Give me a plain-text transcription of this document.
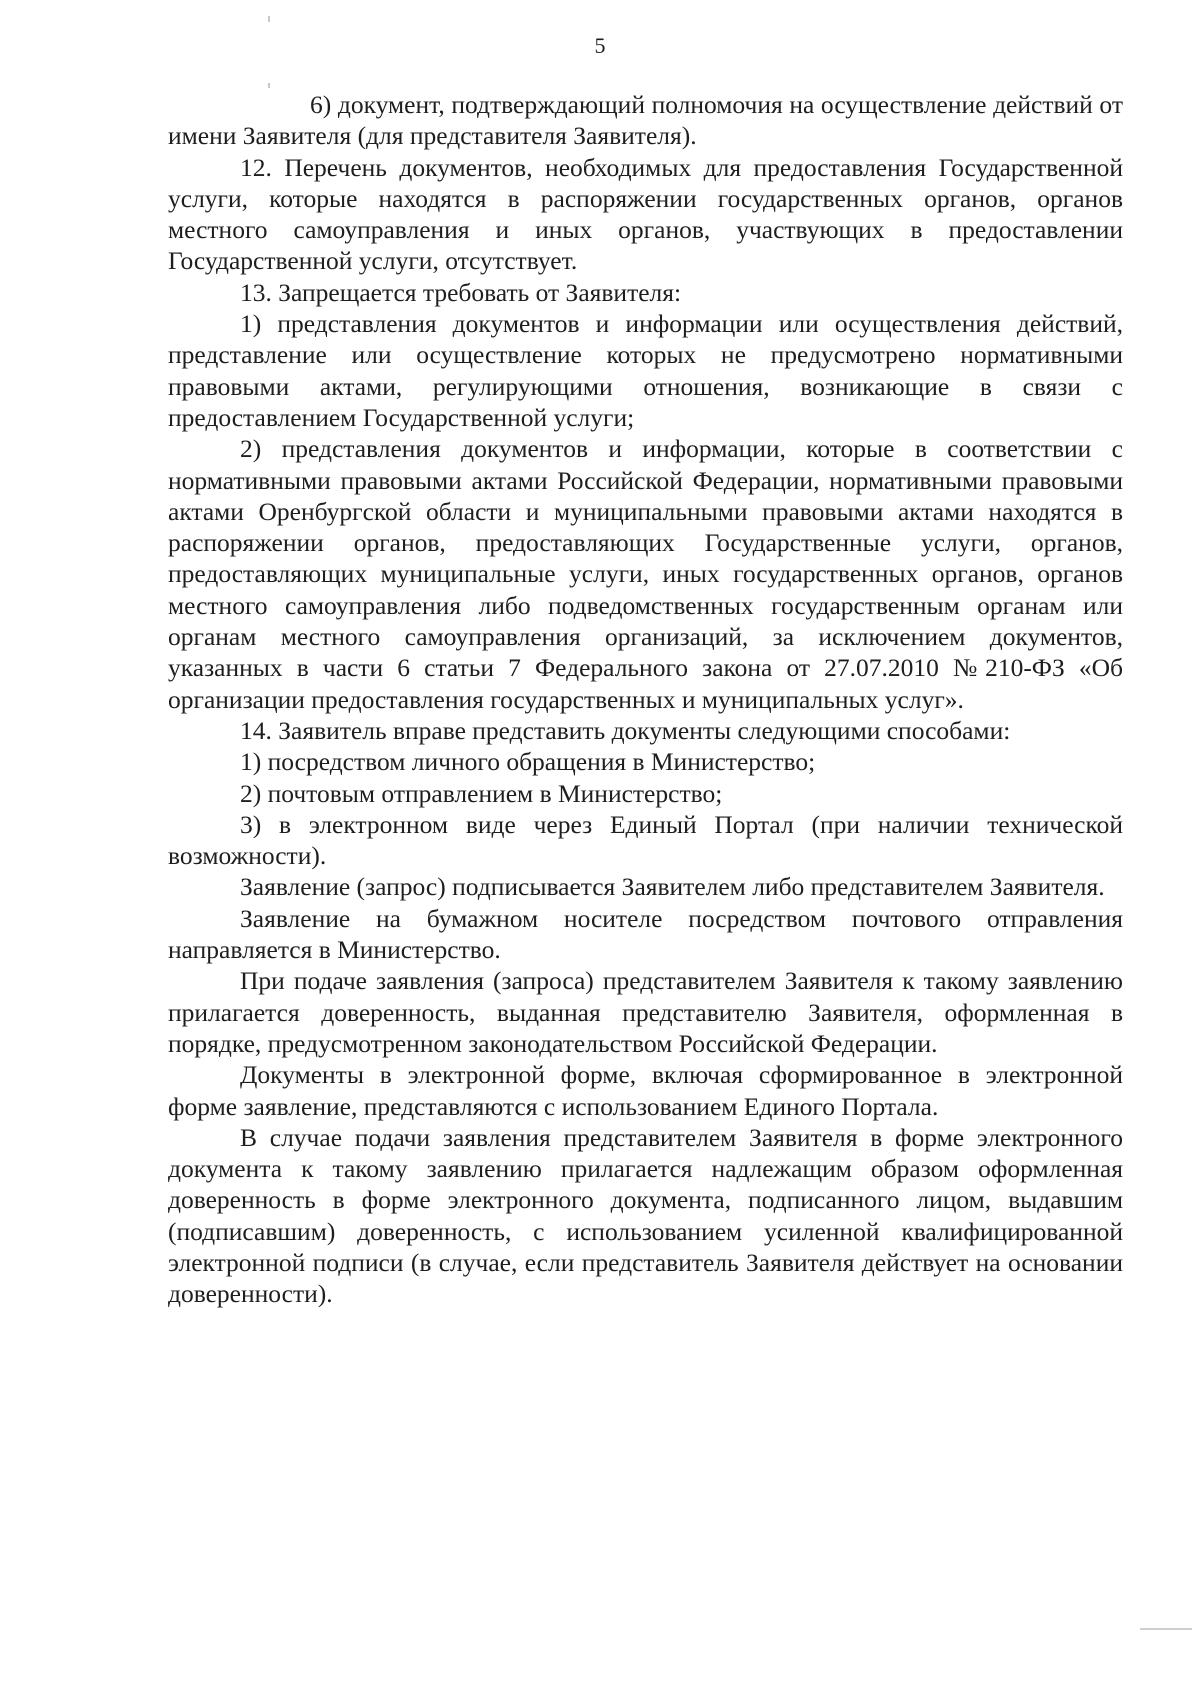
5

6) документ, подтверждающий полномочия на осуществление действий от имени Заявителя (для представителя Заявителя).

12. Перечень документов, необходимых для предоставления Государственной услуги, которые находятся в распоряжении государственных органов, органов местного самоуправления и иных органов, участвующих в предоставлении Государственной услуги, отсутствует.

13. Запрещается требовать от Заявителя:

1) представления документов и информации или осуществления действий, представление или осуществление которых не предусмотрено нормативными правовыми актами, регулирующими отношения, возникающие в связи с предоставлением Государственной услуги;

2) представления документов и информации, которые в соответствии с нормативными правовыми актами Российской Федерации, нормативными правовыми актами Оренбургской области и муниципальными правовыми актами находятся в распоряжении органов, предоставляющих Государственные услуги, органов, предоставляющих муниципальные услуги, иных государственных органов, органов местного самоуправления либо подведомственных государственным органам или органам местного самоуправления организаций, за исключением документов, указанных в части 6 статьи 7 Федерального закона от 27.07.2010 №210-ФЗ «Об организации предоставления государственных и муниципальных услуг».

14. Заявитель вправе представить документы следующими способами:

1) посредством личного обращения в Министерство;

2) почтовым отправлением в Министерство;

3) в электронном виде через Единый Портал (при наличии технической возможности).

Заявление (запрос) подписывается Заявителем либо представителем Заявителя.

Заявление на бумажном носителе посредством почтового отправления направляется в Министерство.

При подаче заявления (запроса) представителем Заявителя к такому заявлению прилагается доверенность, выданная представителю Заявителя, оформленная в порядке, предусмотренном законодательством Российской Федерации.

Документы в электронной форме, включая сформированное в электронной форме заявление, представляются с использованием Единого Портала.

В случае подачи заявления представителем Заявителя в форме электронного документа к такому заявлению прилагается надлежащим образом оформленная доверенность в форме электронного документа, подписанного лицом, выдавшим (подписавшим) доверенность, с использованием усиленной квалифицированной электронной подписи (в случае, если представитель Заявителя действует на основании доверенности).
